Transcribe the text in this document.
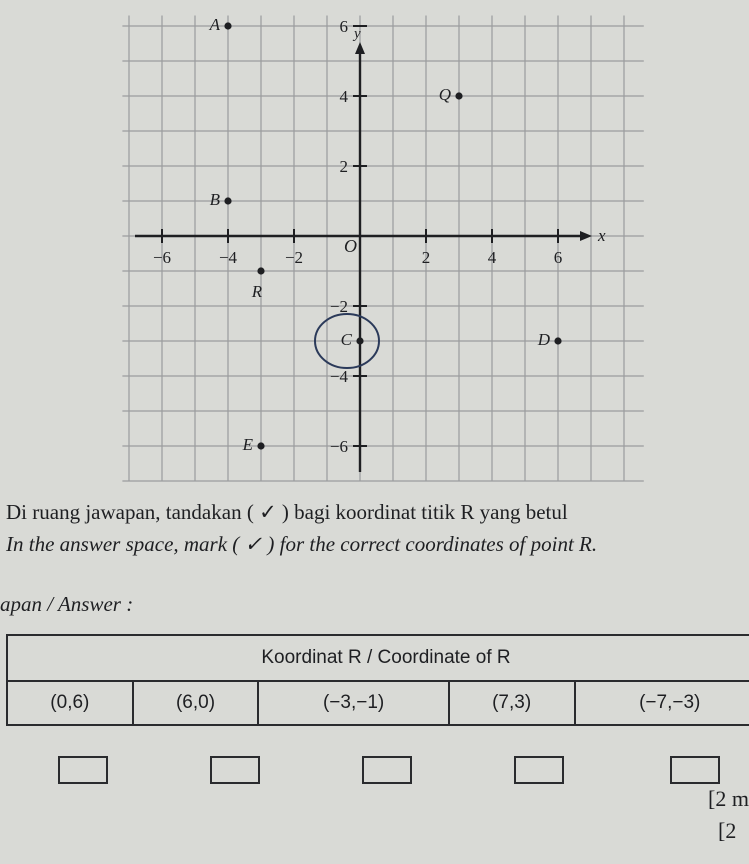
x
y
O
−6	−4	−2	2	4	6
6
4
2
−2
−4
−6
A
Q
B
R
C	D
E
Di ruang jawapan, tandakan ( ✓ ) bagi koordinat titik R yang betul
In the answer space, mark ( ✓ ) for the correct coordinates of point R.
apan / Answer :
Koordinat R / Coordinate of R
(0,6)	(6,0)	(−3,−1)	(7,3)	(−7,−3)
[2 m
[2
